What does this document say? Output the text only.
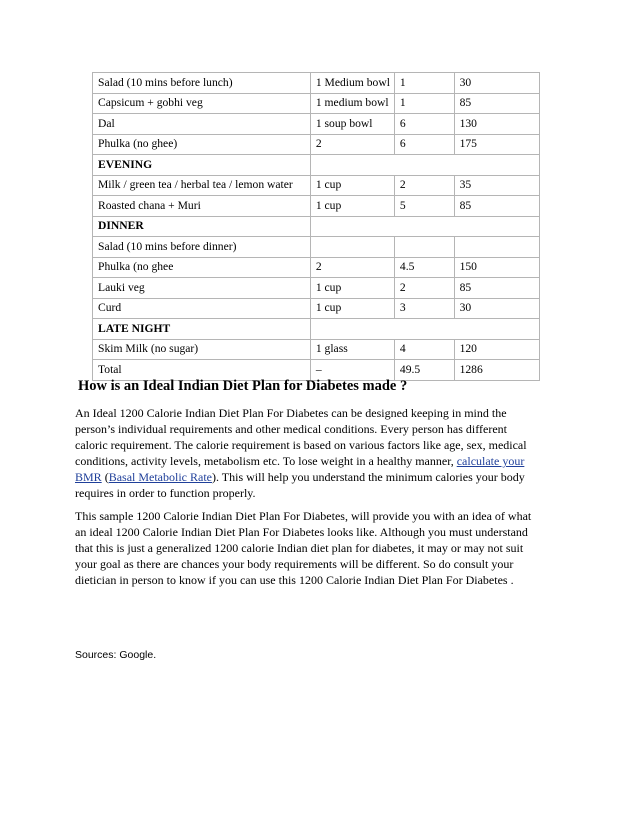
Salad (10 mins before lunch)	1 Medium bowl	1	30
Capsicum + gobhi veg	1 medium bowl	1	85
Dal	1 soup bowl	6	130
Phulka (no ghee)	2	6	175
EVENING			
Milk / green tea / herbal tea / lemon water	1 cup	2	35
Roasted chana + Muri	1 cup	5	85
DINNER			
Salad (10 mins before dinner)			
Phulka (no ghee	2	4.5	150
Lauki veg	1 cup	2	85
Curd	1 cup	3	30
LATE NIGHT			
Skim Milk (no sugar)	1 glass	4	120
Total	–	49.5	1286
How is an Ideal Indian Diet Plan for Diabetes made ?

An Ideal 1200 Calorie Indian Diet Plan For Diabetes can be designed keeping in mind the
person’s individual requirements and other medical conditions. Every person has different
caloric requirement. The calorie requirement is based on various factors like age, sex, medical
conditions, activity levels, metabolism etc. To lose weight in a healthy manner, calculate your
BMR (Basal Metabolic Rate). This will help you understand the minimum calories your body
requires in order to function properly.

This sample 1200 Calorie Indian Diet Plan For Diabetes, will provide you with an idea of what
an ideal 1200 Calorie Indian Diet Plan For Diabetes looks like. Although you must understand
that this is just a generalized 1200 calorie Indian diet plan for diabetes, it may or may not suit
your goal as there are chances your body requirements will be different. So do consult your
dietician in person to know if you can use this 1200 Calorie Indian Diet Plan For Diabetes .

Sources: Google.
